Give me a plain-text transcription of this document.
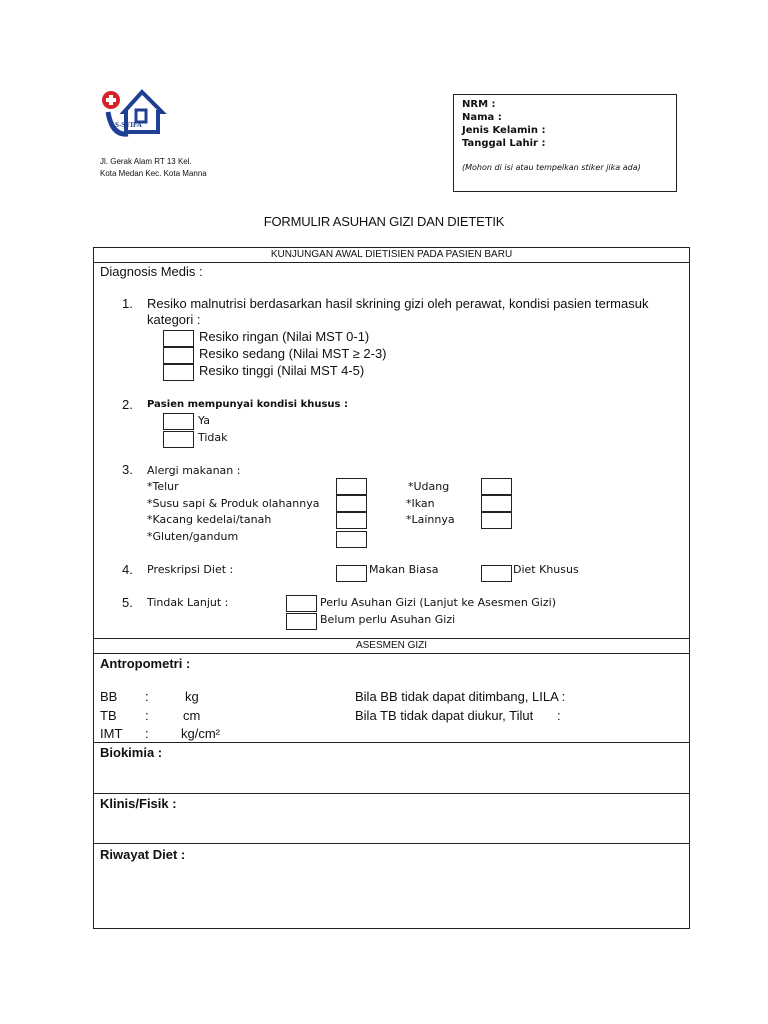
AS-SYIFA
Jl. Gerak Alam RT 13 Kel.
Kota Medan Kec. Kota Manna
NRM :
Nama :
Jenis Kelamin :
Tanggal Lahir :
(Mohon di isi atau tempelkan stiker jika ada)
FORMULIR ASUHAN GIZI DAN DIETETIK
KUNJUNGAN AWAL DIETISIEN PADA PASIEN BARU
Diagnosis Medis :
1. Resiko malnutrisi berdasarkan hasil skrining gizi oleh perawat, kondisi pasien termasuk
kategori :
Resiko ringan (Nilai MST 0-1)
Resiko sedang (Nilai MST ≥ 2-3)
Resiko tinggi (Nilai MST 4-5)
2. Pasien mempunyai kondisi khusus :
Ya
Tidak
3. Alergi makanan :
*Telur
*Susu sapi & Produk olahannya
*Kacang kedelai/tanah
*Gluten/gandum
*Udang
*Ikan
*Lainnya
4. Preskripsi Diet :	Makan Biasa	Diet Khusus
5. Tindak Lanjut :	Perlu Asuhan Gizi (Lanjut ke Asesmen Gizi)
Belum perlu Asuhan Gizi
ASESMEN GIZI
Antropometri :
BB :	kg	Bila BB tidak dapat ditimbang, LILA :
TB :	cm	Bila TB tidak dapat diukur, Tilut :
IMT : kg/cm²
Biokimia :
Klinis/Fisik :
Riwayat Diet :
